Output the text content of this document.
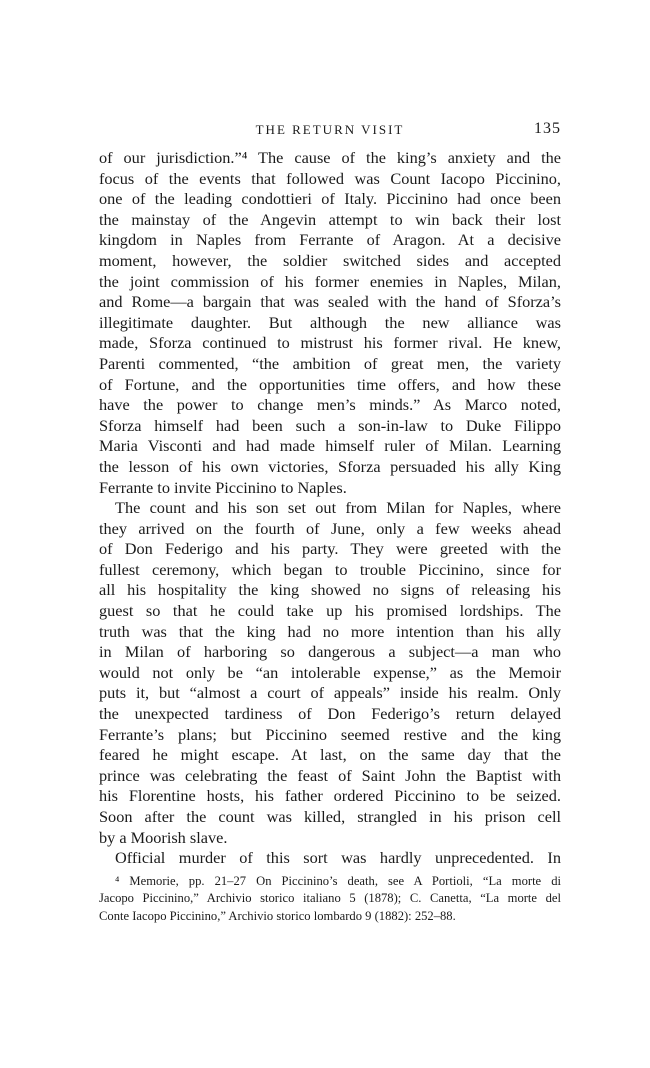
THE RETURN VISIT	135
of our jurisdiction.”⁴ The cause of the king’s anxiety and the
focus of the events that followed was Count Iacopo Piccinino,
one of the leading condottieri of Italy. Piccinino had once been
the mainstay of the Angevin attempt to win back their lost
kingdom in Naples from Ferrante of Aragon. At a decisive
moment, however, the soldier switched sides and accepted
the joint commission of his former enemies in Naples, Milan,
and Rome—a bargain that was sealed with the hand of Sforza’s
illegitimate daughter. But although the new alliance was
made, Sforza continued to mistrust his former rival. He knew,
Parenti commented, “the ambition of great men, the variety
of Fortune, and the opportunities time offers, and how these
have the power to change men’s minds.” As Marco noted,
Sforza himself had been such a son-in-law to Duke Filippo
Maria Visconti and had made himself ruler of Milan. Learning
the lesson of his own victories, Sforza persuaded his ally King
Ferrante to invite Piccinino to Naples.
The count and his son set out from Milan for Naples, where
they arrived on the fourth of June, only a few weeks ahead
of Don Federigo and his party. They were greeted with the
fullest ceremony, which began to trouble Piccinino, since for
all his hospitality the king showed no signs of releasing his
guest so that he could take up his promised lordships. The
truth was that the king had no more intention than his ally
in Milan of harboring so dangerous a subject—a man who
would not only be “an intolerable expense,” as the Memoir
puts it, but “almost a court of appeals” inside his realm. Only
the unexpected tardiness of Don Federigo’s return delayed
Ferrante’s plans; but Piccinino seemed restive and the king
feared he might escape. At last, on the same day that the
prince was celebrating the feast of Saint John the Baptist with
his Florentine hosts, his father ordered Piccinino to be seized.
Soon after the count was killed, strangled in his prison cell
by a Moorish slave.
Official murder of this sort was hardly unprecedented. In
⁴ Memorie, pp. 21–27 On Piccinino’s death, see A Portioli, “La morte di
Jacopo Piccinino,” Archivio storico italiano 5 (1878); C. Canetta, “La morte del
Conte Iacopo Piccinino,” Archivio storico lombardo 9 (1882): 252–88.
